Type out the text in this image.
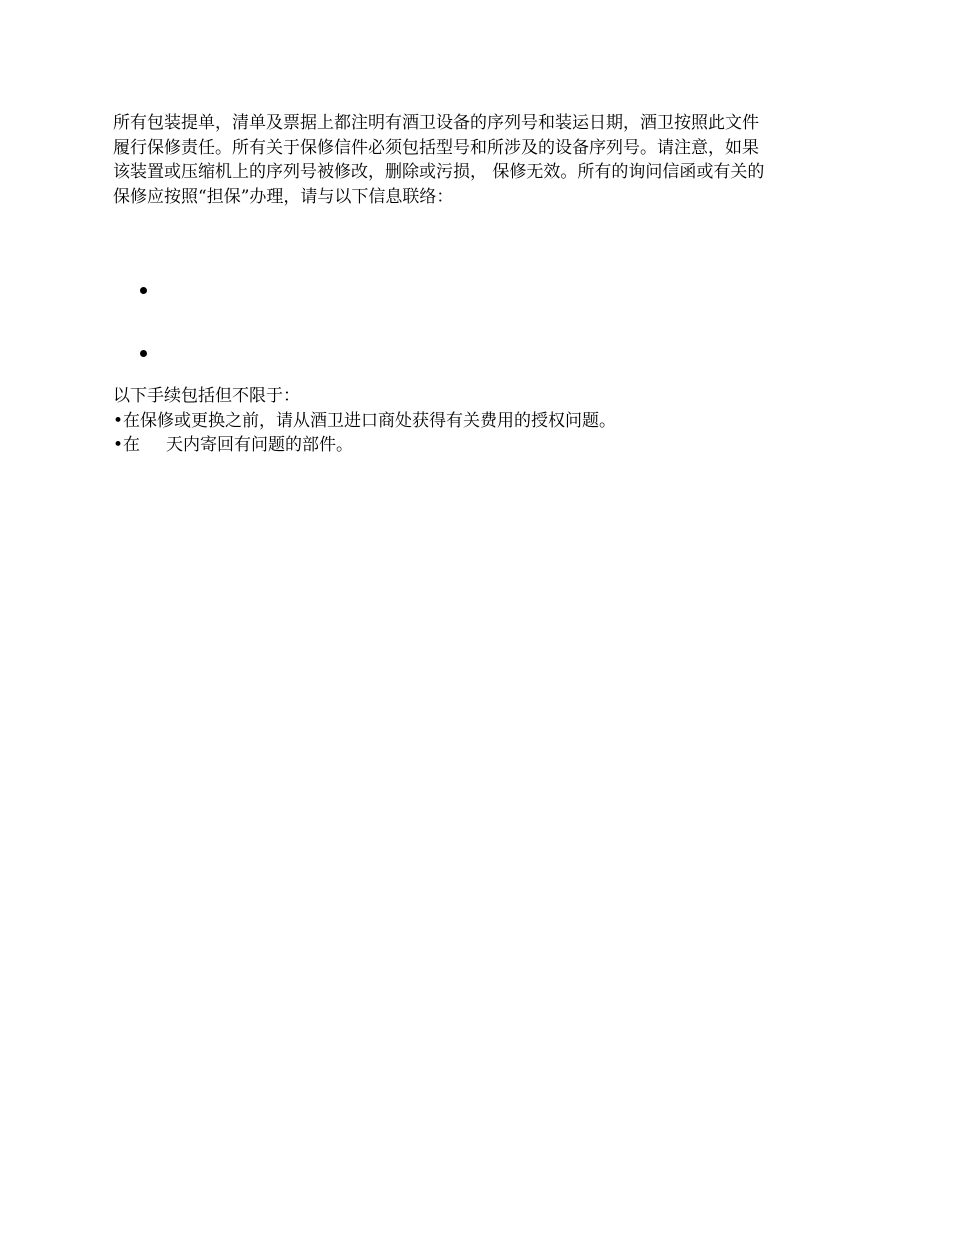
所有包装提单，清单及票据上都注明有酒卫设备的序列号和装运日期，酒卫按照此文件
履行保修责任。所有关于保修信件必须包括型号和所涉及的设备序列号。请注意，如果
该装置或压缩机上的序列号被修改，删除或污损， 保修无效。所有的询问信函或有关的
保修应按照“担保”办理，请与以下信息联络：

以下手续包括但不限于：
•在保修或更换之前，请从酒卫进口商处获得有关费用的授权问题。
•在 天内寄回有问题的部件。
